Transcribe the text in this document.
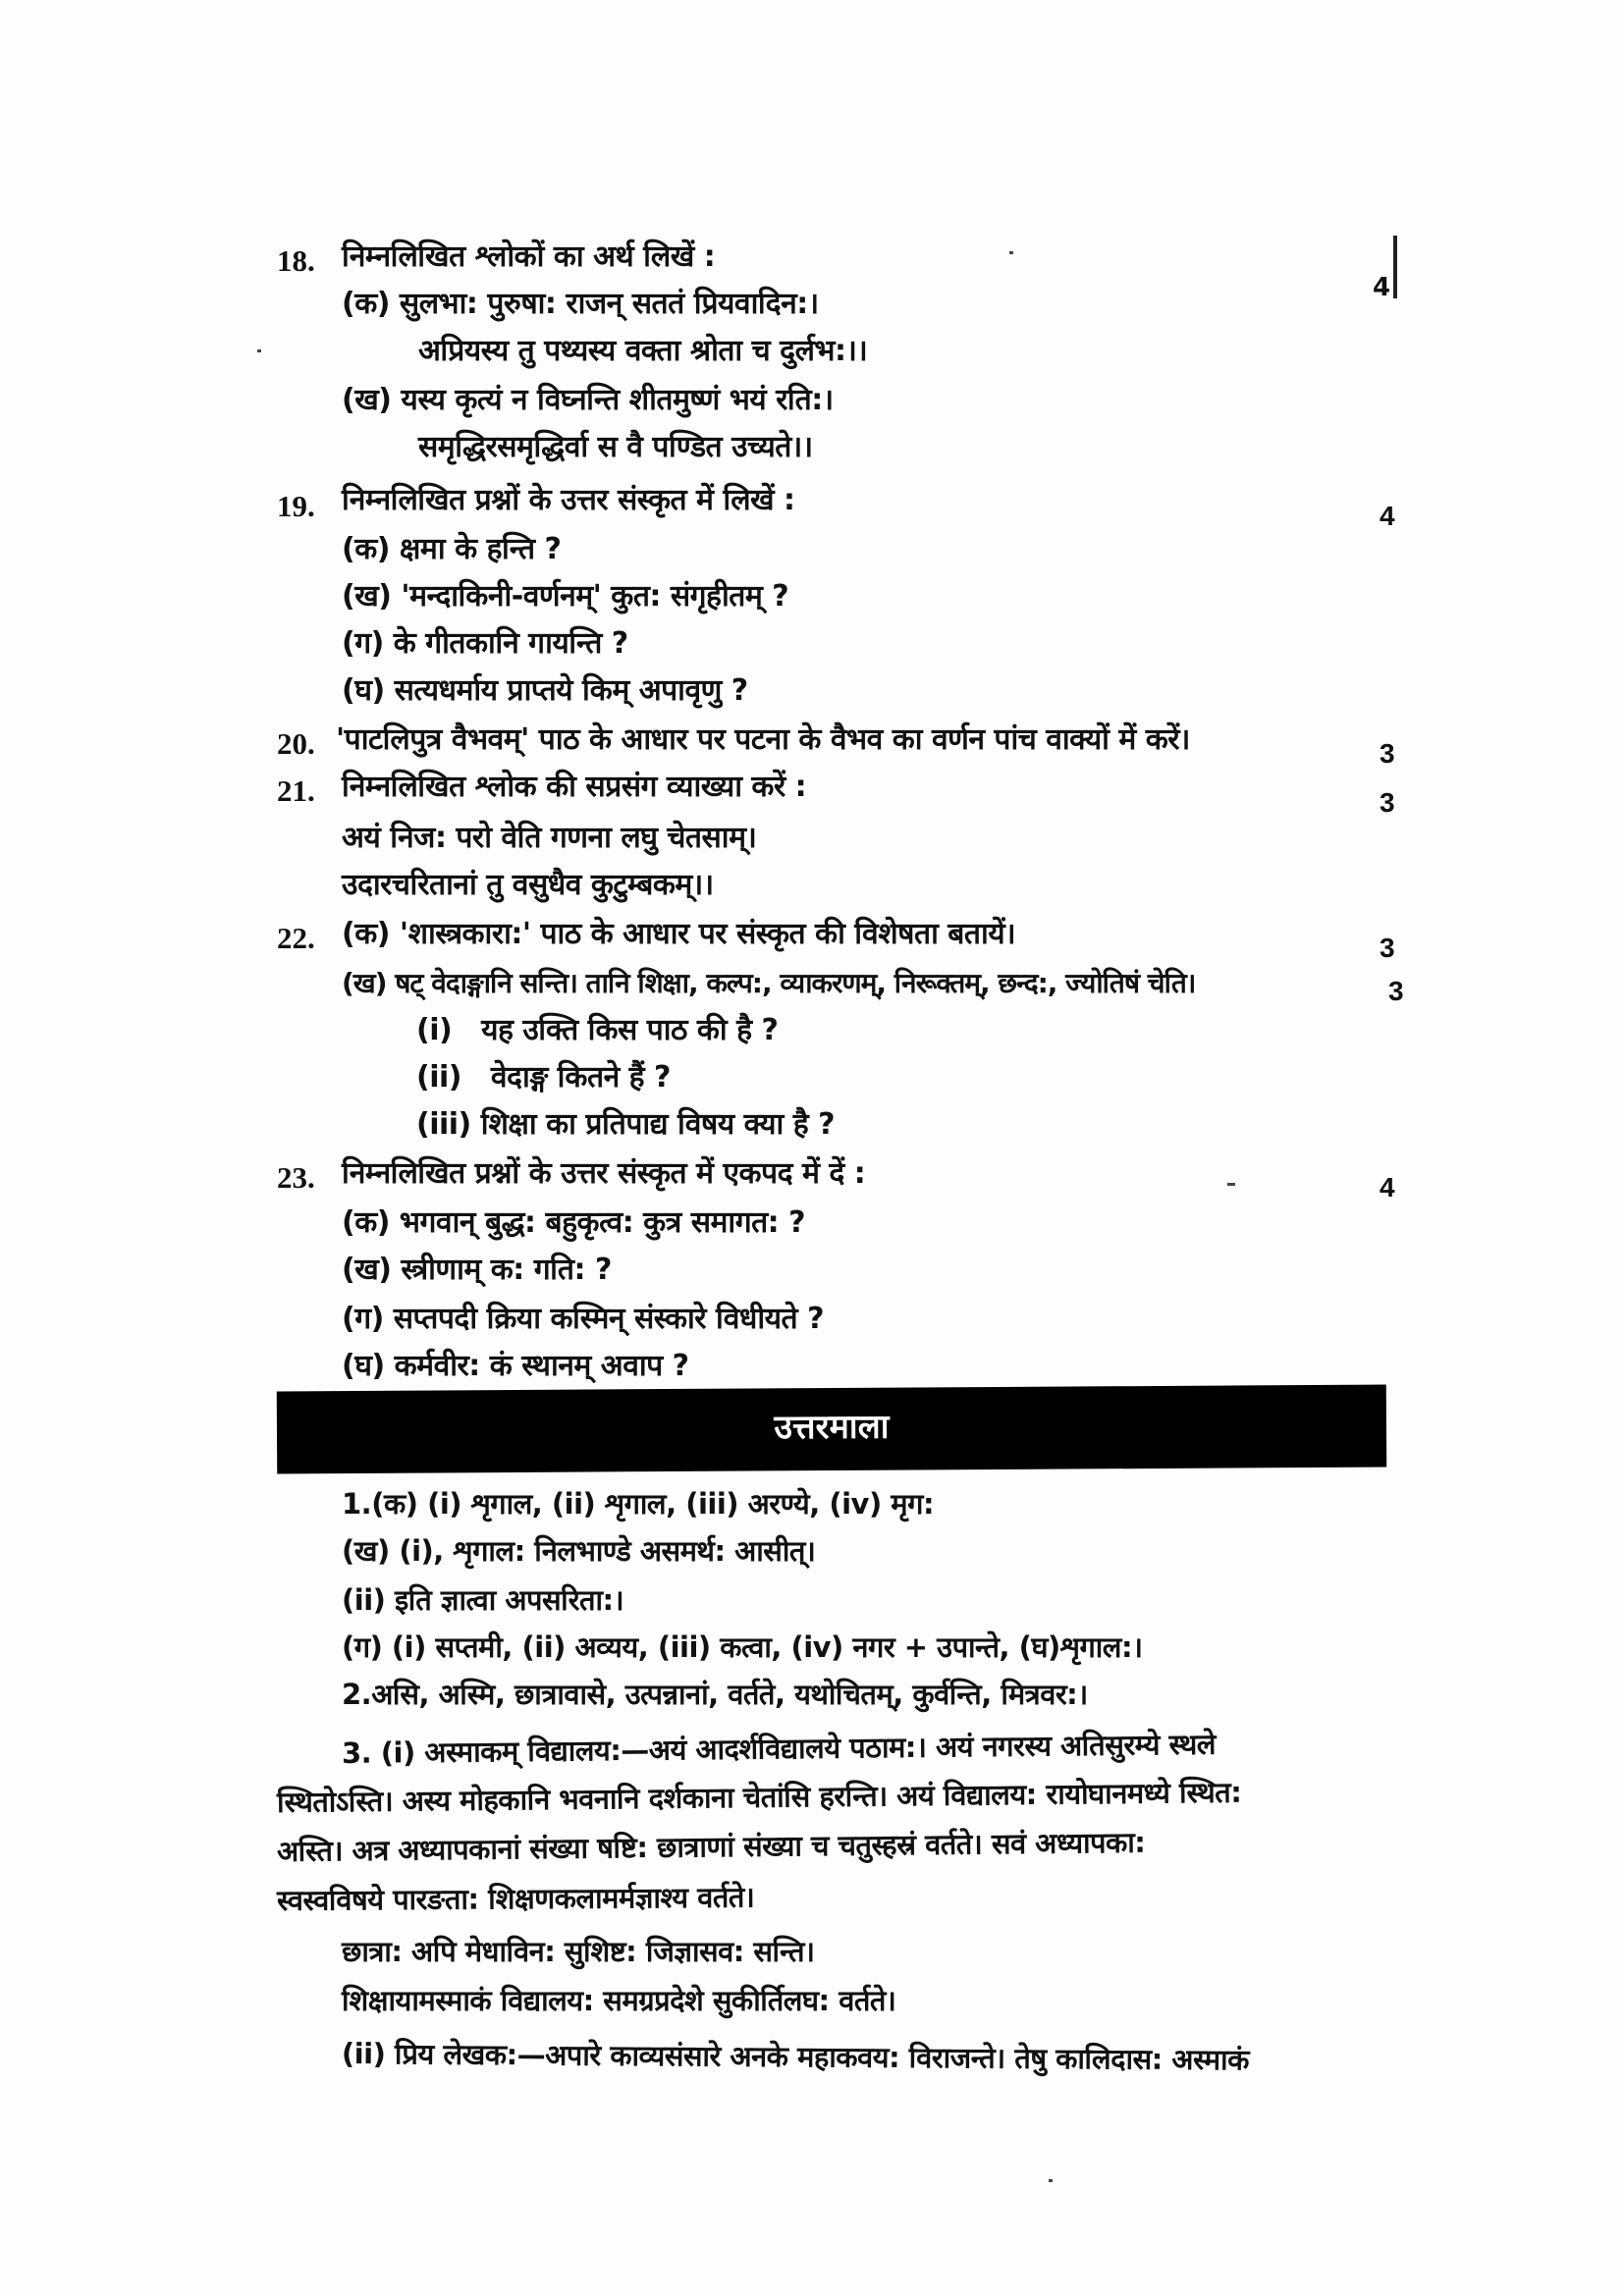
18. निम्नलिखित श्लोकों का अर्थ लिखें :
4
(क) सुलभा: पुरुषा: राजन् सततं प्रियवादिन:।
अप्रियस्य तु पथ्यस्य वक्ता श्रोता च दुर्लभ:।।
(ख) यस्य कृत्यं न विघ्नन्ति शीतमुष्णं भयं रति:।
समृद्धिरसमृद्धिर्वा स वै पण्डित उच्यते।।
19. निम्नलिखित प्रश्नों के उत्तर संस्कृत में लिखें :	4
(क) क्षमा के हन्ति ?
(ख) 'मन्दाकिनी-वर्णनम्' कुत: संगृहीतम् ?
(ग) के गीतकानि गायन्ति ?
(घ) सत्यधर्माय प्राप्तये किम् अपावृणु ?
20. 'पाटलिपुत्र वैभवम्' पाठ के आधार पर पटना के वैभव का वर्णन पांच वाक्यों में करें।	3
21. निम्नलिखित श्लोक की सप्रसंग व्याख्या करें :	3
अयं निज: परो वेति गणना लघु चेतसाम्।
उदारचरितानां तु वसुधैव कुटुम्बकम्।।
22. (क) 'शास्त्रकारा:' पाठ के आधार पर संस्कृत की विशेषता बतायें।	3
(ख) षट् वेदाङ्गानि सन्ति। तानि शिक्षा, कल्प:, व्याकरणम्, निरूक्तम्, छन्द:, ज्योतिषं चेति।	3
(i) यह उक्ति किस पाठ की है ?
(ii) वेदाङ्ग कितने हैं ?
(iii) शिक्षा का प्रतिपाद्य विषय क्या है ?
23. निम्नलिखित प्रश्नों के उत्तर संस्कृत में एकपद में दें :	4
(क) भगवान् बुद्ध: बहुकृत्व: कुत्र समागत: ?
(ख) स्त्रीणाम् क: गति: ?
(ग) सप्तपदी क्रिया कस्मिन् संस्कारे विधीयते ?
(घ) कर्मवीर: कं स्थानम् अवाप ?
उत्तरमाला
1.(क) (i) शृगाल, (ii) शृगाल, (iii) अरण्ये, (iv) मृग:
(ख) (i), शृगाल: निलभाण्डे असमर्थ: आसीत्।
(ii) इति ज्ञात्वा अपसरिता:।
(ग) (i) सप्तमी, (ii) अव्यय, (iii) कत्वा, (iv) नगर + उपान्ते, (घ)शृगाल:।
2.असि, अस्मि, छात्रावासे, उत्पन्नानां, वर्तते, यथोचितम्, कुर्वन्ति, मित्रवर:।
3. (i) अस्माकम् विद्यालय:—अयं आदर्शविद्यालये पठाम:। अयं नगरस्य अतिसुरम्ये स्थले
स्थितोऽस्ति। अस्य मोहकानि भवनानि दर्शकाना चेतांसि हरन्ति। अयं विद्यालय: रायोघानमध्ये स्थित:
अस्ति। अत्र अध्यापकानां संख्या षष्टि: छात्राणां संख्या च चतुस्हस्रं वर्तते। सवं अध्यापका:
स्वस्वविषये पारङता: शिक्षणकलामर्मज्ञाश्य वर्तते।
छात्रा: अपि मेधाविन: सुशिष्ट: जिज्ञासव: सन्ति।
शिक्षायामस्माकं विद्यालय: समग्रप्रदेशे सुकीर्तिलघ: वर्तते।
(ii) प्रिय लेखक:—अपारे काव्यसंसारे अनके महाकवय: विराजन्ते। तेषु कालिदास: अस्माकं
